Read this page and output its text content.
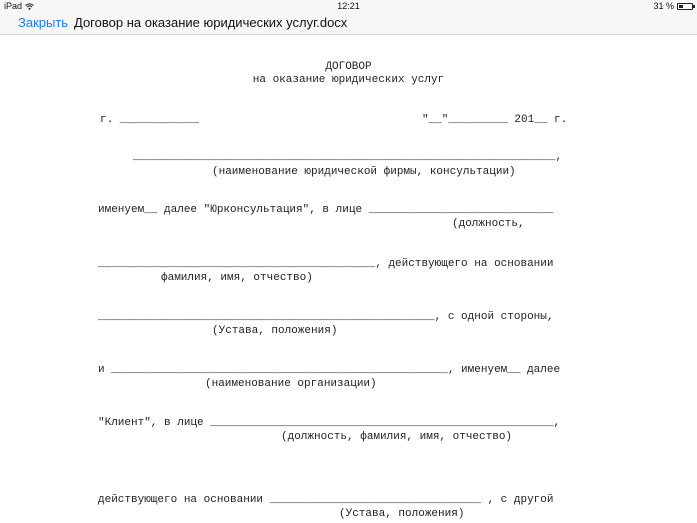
iPad	12:21	31 %
Закрыть Договор на оказание юридических услуг.docx
ДОГОВОР
на оказание юридических услуг
г. ____________	"__"_________ 201__ г.
________________________________________________________________,
(наименование юридической фирмы, консультации)
именуем__ далее "Юрконсультация", в лице ____________________________
(должность,
__________________________________________, действующего на основании
фамилия, имя, отчество)
___________________________________________________, с одной стороны,
(Устава, положения)
и ___________________________________________________, именуем__ далее
(наименование организации)
"Клиент", в лице ____________________________________________________,
(должность, фамилия, имя, отчество)
действующего на основании ________________________________ , с другой
(Устава, положения)
